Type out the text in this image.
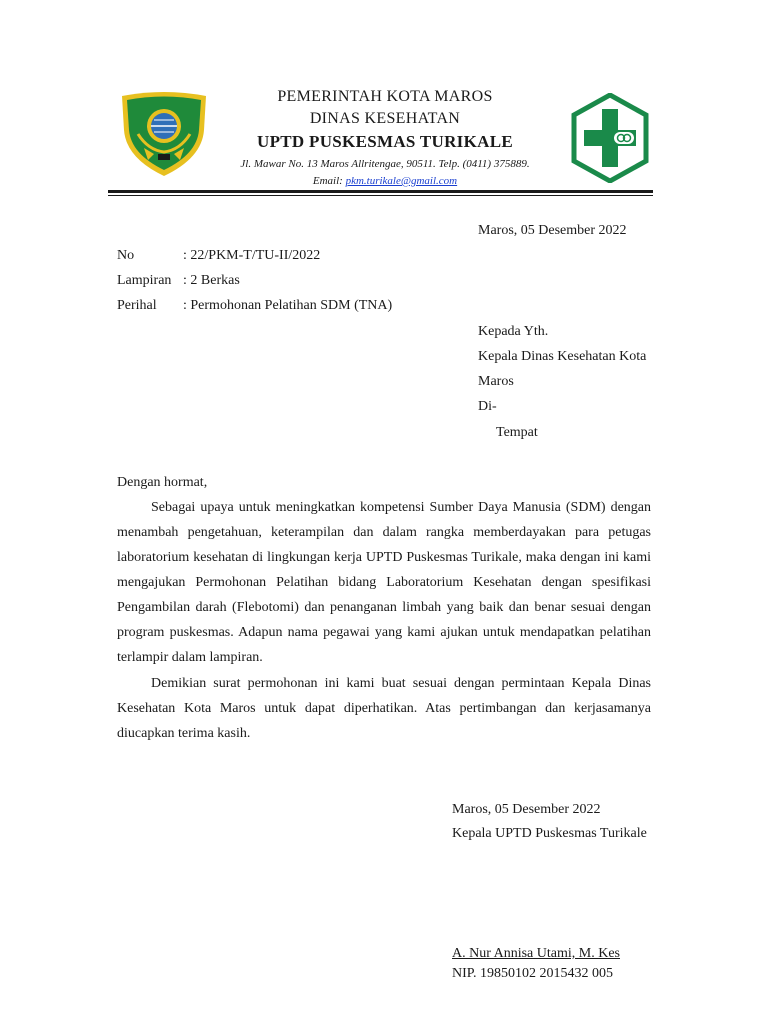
PEMERINTAH KOTA MAROS
DINAS KESEHATAN
UPTD PUSKESMAS TURIKALE
Jl. Mawar No. 13 Maros Allritengae, 90511. Telp. (0411) 375889.
Email: pkm.turikale@gmail.com
Maros, 05 Desember 2022
No	: 22/PKM-T/TU-II/2022
Lampiran : 2 Berkas
Perihal	: Permohonan Pelatihan SDM (TNA)
Kepada Yth.
Kepala Dinas Kesehatan Kota
Maros
Di-
Tempat
Dengan hormat,

Sebagai upaya untuk meningkatkan kompetensi Sumber Daya Manusia (SDM) dengan menambah pengetahuan, keterampilan dan dalam rangka memberdayakan para petugas laboratorium kesehatan di lingkungan kerja UPTD Puskesmas Turikale, maka dengan ini kami mengajukan Permohonan Pelatihan bidang Laboratorium Kesehatan dengan spesifikasi Pengambilan darah (Flebotomi) dan penanganan limbah yang baik dan benar sesuai dengan program puskesmas. Adapun nama pegawai yang kami ajukan untuk mendapatkan pelatihan terlampir dalam lampiran.

Demikian surat permohonan ini kami buat sesuai dengan permintaan Kepala Dinas Kesehatan Kota Maros untuk dapat diperhatikan. Atas pertimbangan dan kerjasamanya diucapkan terima kasih.

Maros, 05 Desember 2022
Kepala UPTD Puskesmas Turikale
A. Nur Annisa Utami, M. Kes
NIP. 19850102 2015432 005
